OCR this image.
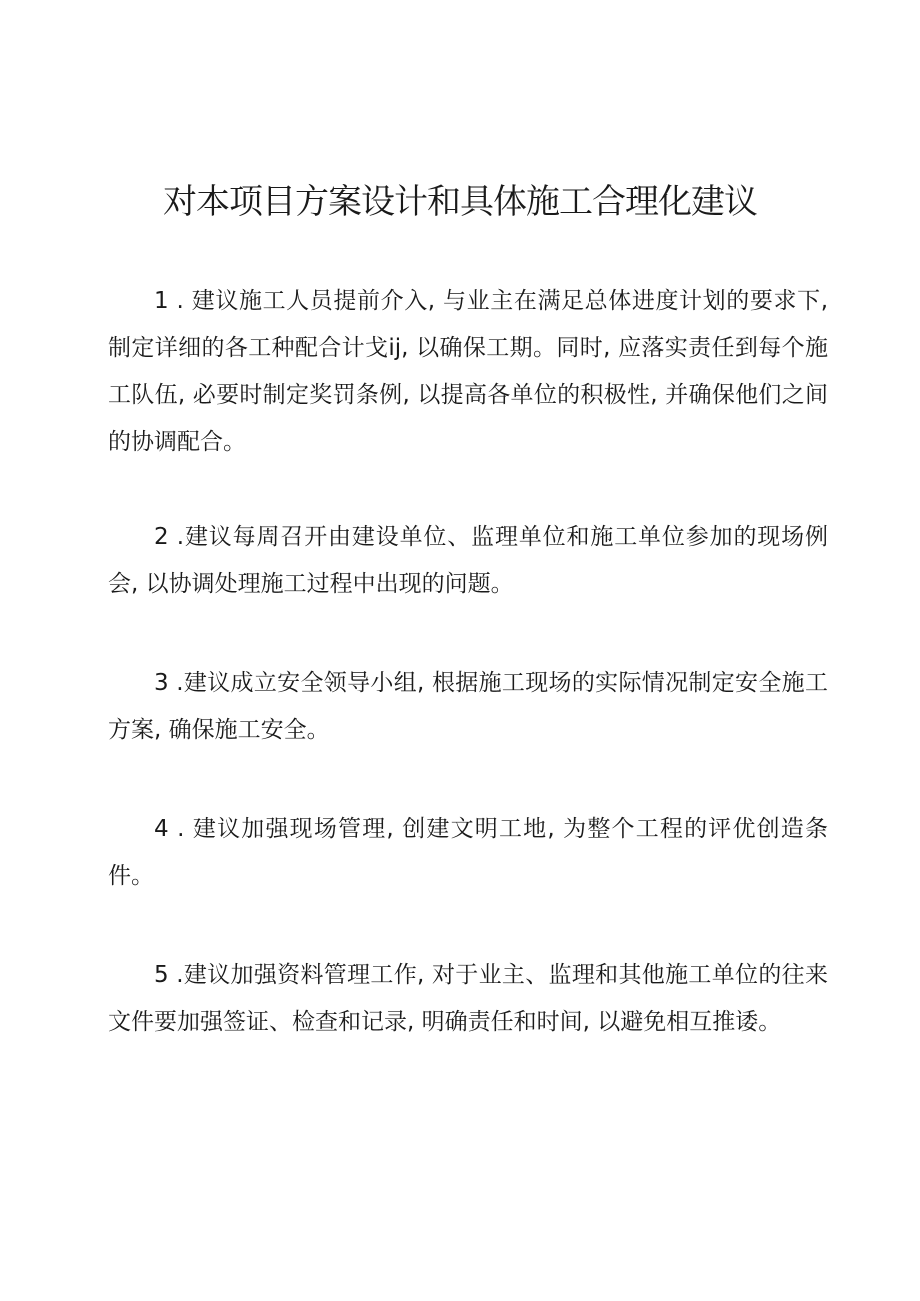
对本项目方案设计和具体施工合理化建议

1 . 建议施工人员提前介入, 与业主在满足总体进度计划的要求下, 制定详细的各工种配合计戈ij, 以确保工期。同时, 应落实责任到每个施工队伍, 必要时制定奖罚条例, 以提高各单位的积极性, 并确保他们之间的协调配合。

2 .建议每周召开由建设单位、监理单位和施工单位参加的现场例会, 以协调处理施工过程中出现的问题。

3 .建议成立安全领导小组, 根据施工现场的实际情况制定安全施工方案, 确保施工安全。

4 . 建议加强现场管理, 创建文明工地, 为整个工程的评优创造条件。

5 .建议加强资料管理工作, 对于业主、监理和其他施工单位的往来文件要加强签证、检查和记录, 明确责任和时间, 以避免相互推诿。
